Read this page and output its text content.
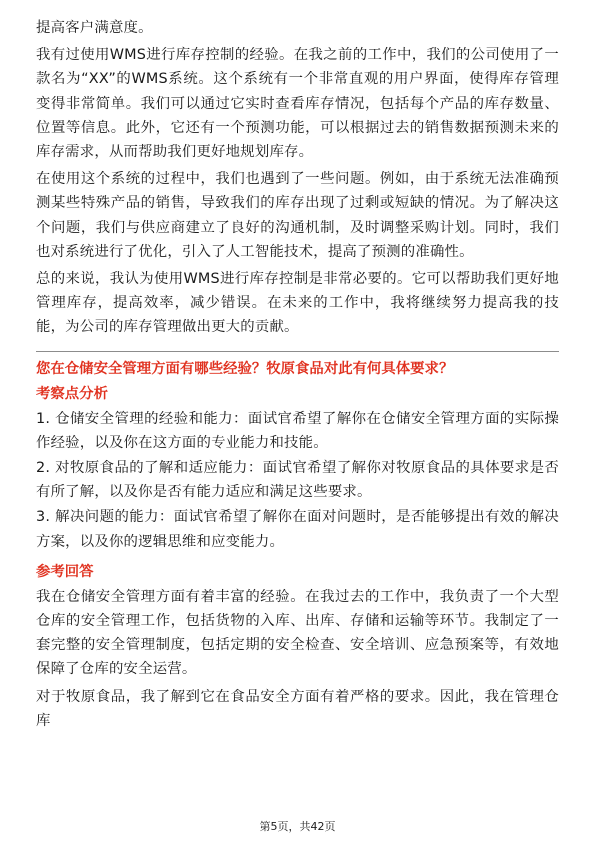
提高客户满意度。

我有过使用WMS进行库存控制的经验。在我之前的工作中，我们的公司使用了一款名为“XX”的WMS系统。这个系统有一个非常直观的用户界面，使得库存管理变得非常简单。我们可以通过它实时查看库存情况，包括每个产品的库存数量、位置等信息。此外，它还有一个预测功能，可以根据过去的销售数据预测未来的库存需求，从而帮助我们更好地规划库存。

在使用这个系统的过程中，我们也遇到了一些问题。例如，由于系统无法准确预测某些特殊产品的销售，导致我们的库存出现了过剩或短缺的情况。为了解决这个问题，我们与供应商建立了良好的沟通机制，及时调整采购计划。同时，我们也对系统进行了优化，引入了人工智能技术，提高了预测的准确性。

总的来说，我认为使用WMS进行库存控制是非常必要的。它可以帮助我们更好地管理库存，提高效率，减少错误。在未来的工作中，我将继续努力提高我的技能，为公司的库存管理做出更大的贡献。

您在仓储安全管理方面有哪些经验？牧原食品对此有何具体要求？
考察点分析

1. 仓储安全管理的经验和能力：面试官希望了解你在仓储安全管理方面的实际操作经验，以及你在这方面的专业能力和技能。

2. 对牧原食品的了解和适应能力：面试官希望了解你对牧原食品的具体要求是否有所了解，以及你是否有能力适应和满足这些要求。

3. 解决问题的能力：面试官希望了解你在面对问题时，是否能够提出有效的解决方案，以及你的逻辑思维和应变能力。

参考回答

我在仓储安全管理方面有着丰富的经验。在我过去的工作中，我负责了一个大型仓库的安全管理工作，包括货物的入库、出库、存储和运输等环节。我制定了一套完整的安全管理制度，包括定期的安全检查、安全培训、应急预案等，有效地保障了仓库的安全运营。

对于牧原食品，我了解到它在食品安全方面有着严格的要求。因此，我在管理仓库

第5页，共42页
